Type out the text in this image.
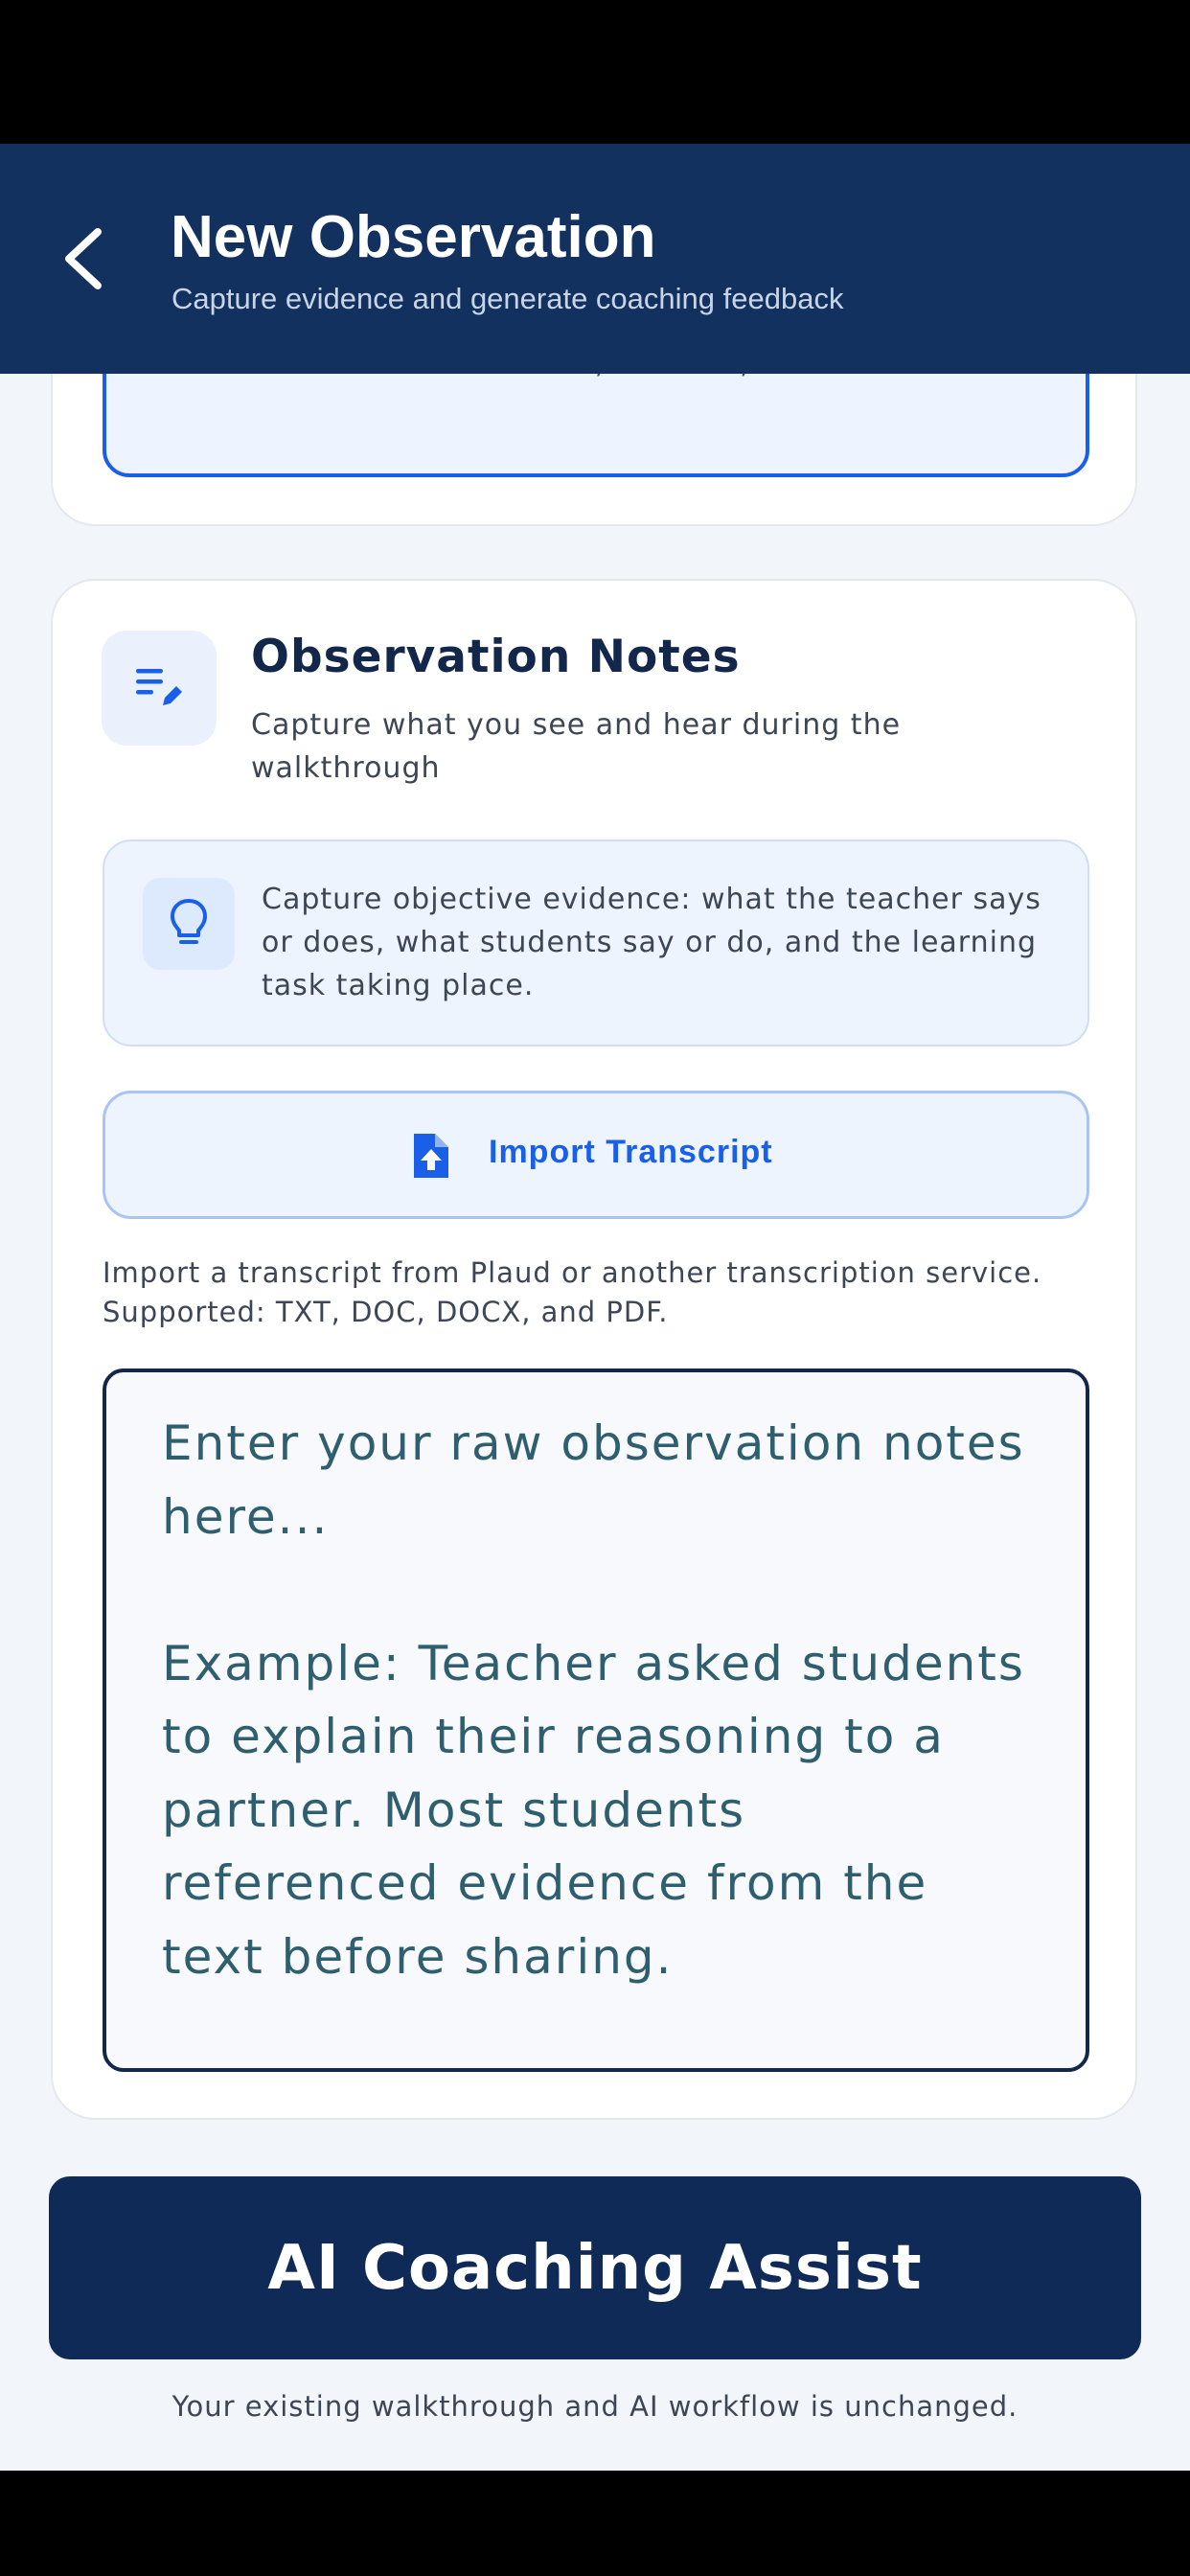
New Observation
Capture evidence and generate coaching feedback
Observation Notes
Capture what you see and hear during the walkthrough
Capture objective evidence: what the teacher says or does, what students say or do, and the learning task taking place.
Import Transcript
Import a transcript from Plaud or another transcription service. Supported: TXT, DOC, DOCX, and PDF.
Enter your raw observation notes here... Example: Teacher asked students to explain their reasoning to a partner. Most students referenced evidence from the text before sharing.
AI Coaching Assist
Your existing walkthrough and AI workflow is unchanged.
